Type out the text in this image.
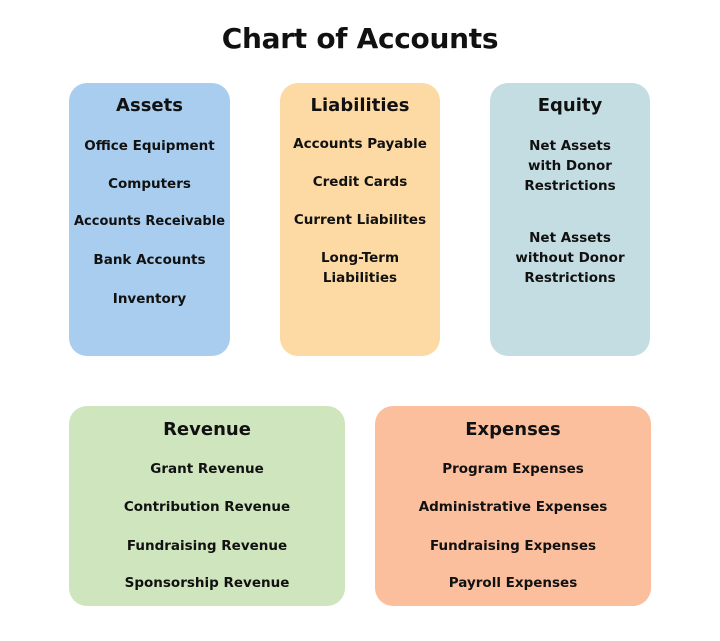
Chart of Accounts
Assets
Office Equipment
Computers
Accounts Receivable
Bank Accounts
Inventory
Liabilities
Accounts Payable
Credit Cards
Current Liabilites
Long-Term
Liabilities
Equity
Net Assets
with Donor
Restrictions
Net Assets
without Donor
Restrictions
Revenue
Grant Revenue
Contribution Revenue
Fundraising Revenue
Sponsorship Revenue
Expenses
Program Expenses
Administrative Expenses
Fundraising Expenses
Payroll Expenses
